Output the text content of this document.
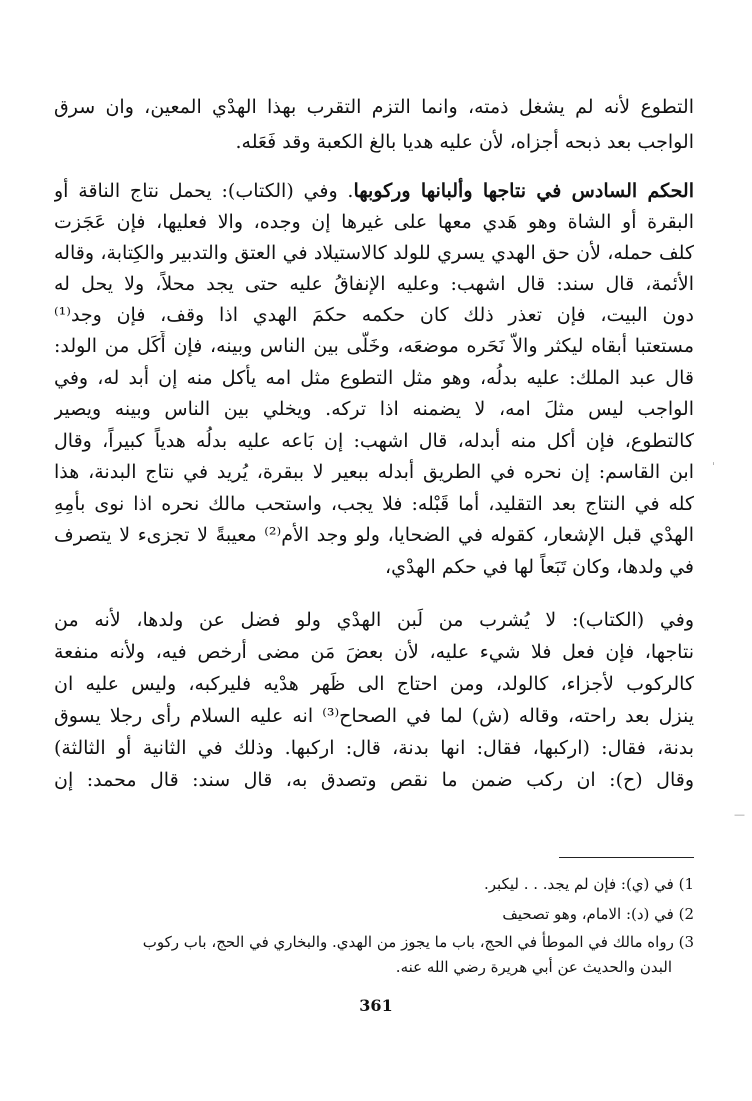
التطوع لأنه لم يشغل ذمته، وانما التزم التقرب بهذا الهدْي المعين، وان سرق
الواجب بعد ذبحه أجزاه، لأن عليه هديا بالغ الكعبة وقد فَعَله.
الحكم السادس في نتاجها وألبانها وركوبها. وفي (الكتاب): يحمل نتاج الناقة أو
البقرة أو الشاة وهو هَدي معها على غيرها إن وجده، والا فعليها، فإن عَجَزت
كلف حمله، لأن حق الهدي يسري للولد كالاستيلاد في العتق والتدبير والكِتابة، وقاله
الأئمة، قال سند: قال اشهب: وعليه الإنفاقُ عليه حتى يجد محلاً، ولا يحل له
دون البيت، فإن تعذر ذلك كان حكمه حكمَ الهدي اذا وقف، فإن وجد⁽¹⁾
مستعتبا أبقاه ليكثر والاّ نَحَره موضعَه، وخَلّى بين الناس وبينه، فإن أَكَل من الولد:
قال عبد الملك: عليه بدلُه، وهو مثل التطوع مثل امه يأكل منه إن أبد له، وفي
الواجب ليس مثلَ امه، لا يضمنه اذا تركه. ويخلي بين الناس وبينه ويصير
كالتطوع، فإن أكل منه أبدله، قال اشهب: إن بَاعه عليه بدلُه هدياً كبيراً، وقال
ابن القاسم: إن نحره في الطريق أبدله ببعير لا ببقرة، يُريد في نتاج البدنة، هذا
كله في النتاج بعد التقليد، أما قَبْله: فلا يجب، واستحب مالك نحره اذا نوى بأمِهِ
الهدْي قبل الإشعار، كقوله في الضحايا، ولو وجد الأم⁽²⁾ معيبةً لا تجزىء لا يتصرف
في ولدها، وكان تَبَعاً لها في حكم الهدْي،
وفي (الكتاب): لا يُشرب من لَبن الهدْي ولو فضل عن ولدها، لأنه من
نتاجها، فإن فعل فلا شيء عليه، لأن بعضَ مَن مضى أرخص فيه، ولأنه منفعة
كالركوب لأجزاء، كالولد، ومن احتاج الى ظَهر هدْيه فليركبه، وليس عليه ان
ينزل بعد راحته، وقاله (ش) لما في الصحاح⁽³⁾ انه عليه السلام رأى رجلا يسوق
بدنة، فقال: (اركبها، فقال: انها بدنة، قال: اركبها. وذلك في الثانية أو الثالثة)
وقال (ح): ان ركب ضمن ما نقص وتصدق به، قال سند: قال محمد: إن
1) في (ي): فإن لم يجد. . . ليكبر.
2) في (د): الامام، وهو تصحيف
3) رواه مالك في الموطأ في الحج، باب ما يجوز من الهدي. والبخاري في الحج، باب ركوب
البدن والحديث عن أبي هريرة رضي الله عنه.
361
ˈ
—
